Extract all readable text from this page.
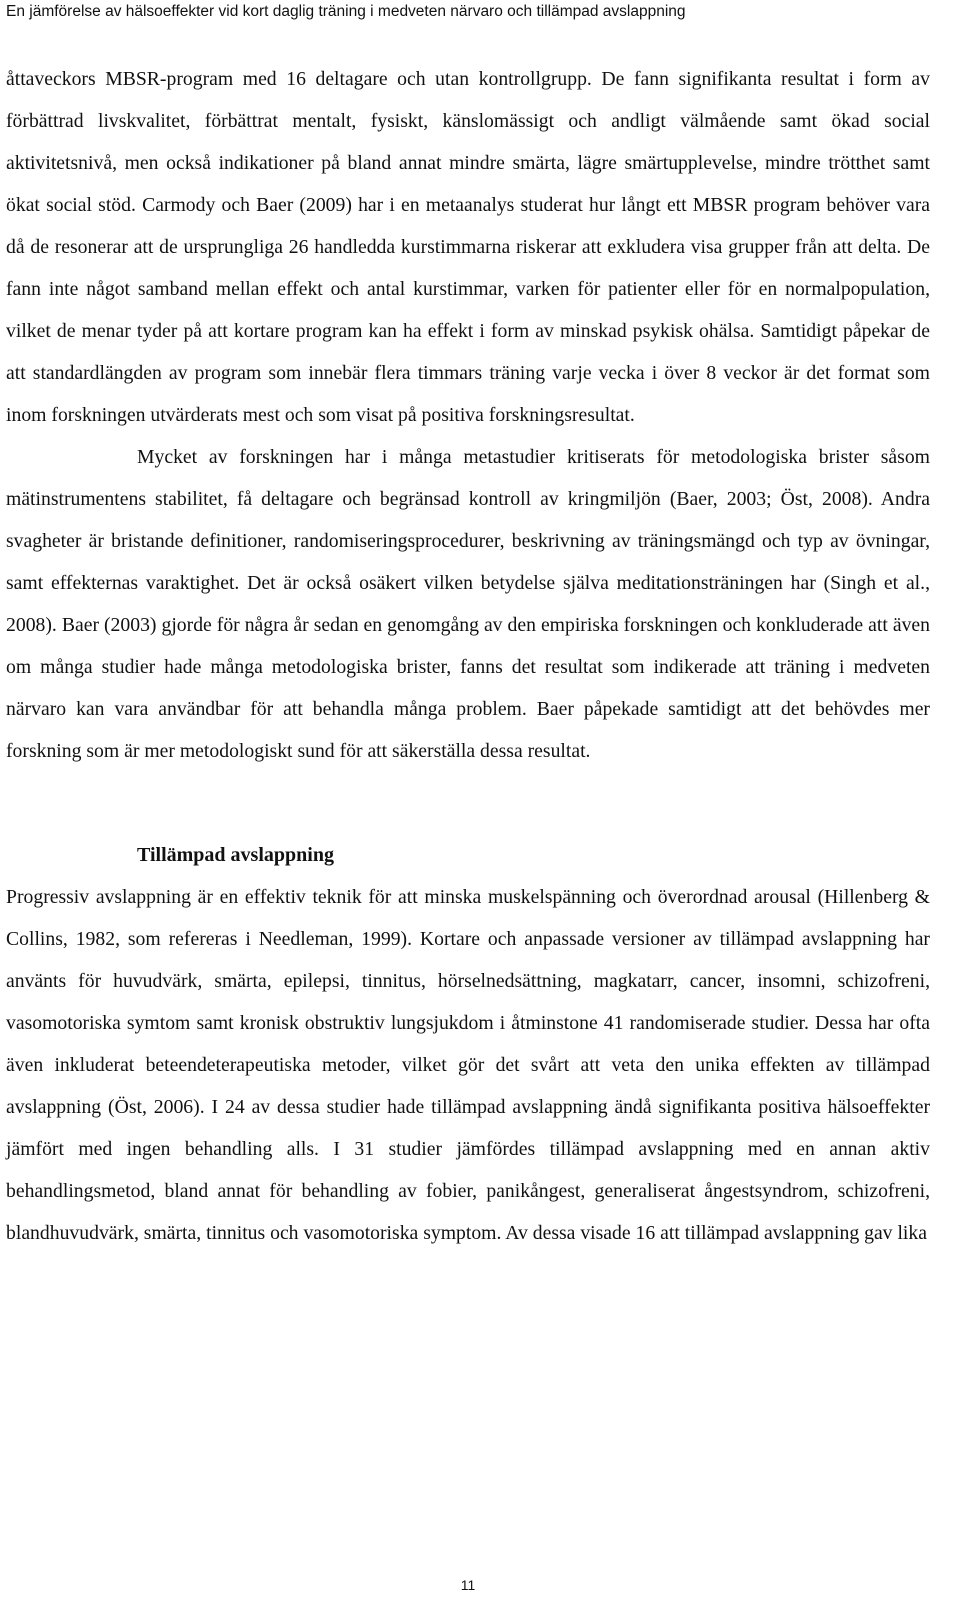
En jämförelse av hälsoeffekter vid kort daglig träning i medveten närvaro och tillämpad avslappning

åttaveckors MBSR-program med 16 deltagare och utan kontrollgrupp. De fann signifikanta resultat i form av förbättrad livskvalitet, förbättrat mentalt, fysiskt, känslomässigt och andligt välmående samt ökad social aktivitetsnivå, men också indikationer på bland annat mindre smärta, lägre smärtupplevelse, mindre trötthet samt ökat social stöd. Carmody och Baer (2009) har i en metaanalys studerat hur långt ett MBSR program behöver vara då de resonerar att de ursprungliga 26 handledda kurstimmarna riskerar att exkludera visa grupper från att delta. De fann inte något samband mellan effekt och antal kurstimmar, varken för patienter eller för en normalpopulation, vilket de menar tyder på att kortare program kan ha effekt i form av minskad psykisk ohälsa. Samtidigt påpekar de att standardlängden av program som innebär flera timmars träning varje vecka i över 8 veckor är det format som inom forskningen utvärderats mest och som visat på positiva forskningsresultat.

Mycket av forskningen har i många metastudier kritiserats för metodologiska brister såsom mätinstrumentens stabilitet, få deltagare och begränsad kontroll av kringmiljön (Baer, 2003; Öst, 2008). Andra svagheter är bristande definitioner, randomiseringsprocedurer, beskrivning av träningsmängd och typ av övningar, samt effekternas varaktighet. Det är också osäkert vilken betydelse själva meditationsträningen har (Singh et al., 2008). Baer (2003) gjorde för några år sedan en genomgång av den empiriska forskningen och konkluderade att även om många studier hade många metodologiska brister, fanns det resultat som indikerade att träning i medveten närvaro kan vara användbar för att behandla många problem. Baer påpekade samtidigt att det behövdes mer forskning som är mer metodologiskt sund för att säkerställa dessa resultat.

Tillämpad avslappning

Progressiv avslappning är en effektiv teknik för att minska muskelspänning och överordnad arousal (Hillenberg & Collins, 1982, som refereras i Needleman, 1999). Kortare och anpassade versioner av tillämpad avslappning har använts för huvudvärk, smärta, epilepsi, tinnitus, hörselnedsättning, magkatarr, cancer, insomni, schizofreni, vasomotoriska symtom samt kronisk obstruktiv lungsjukdom i åtminstone 41 randomiserade studier. Dessa har ofta även inkluderat beteendeterapeutiska metoder, vilket gör det svårt att veta den unika effekten av tillämpad avslappning (Öst, 2006). I 24 av dessa studier hade tillämpad avslappning ändå signifikanta positiva hälsoeffekter jämfört med ingen behandling alls. I 31 studier jämfördes tillämpad avslappning med en annan aktiv behandlingsmetod, bland annat för behandling av fobier, panikångest, generaliserat ångestsyndrom, schizofreni, blandhuvudvärk, smärta, tinnitus och vasomotoriska symptom. Av dessa visade 16 att tillämpad avslappning gav lika

11
